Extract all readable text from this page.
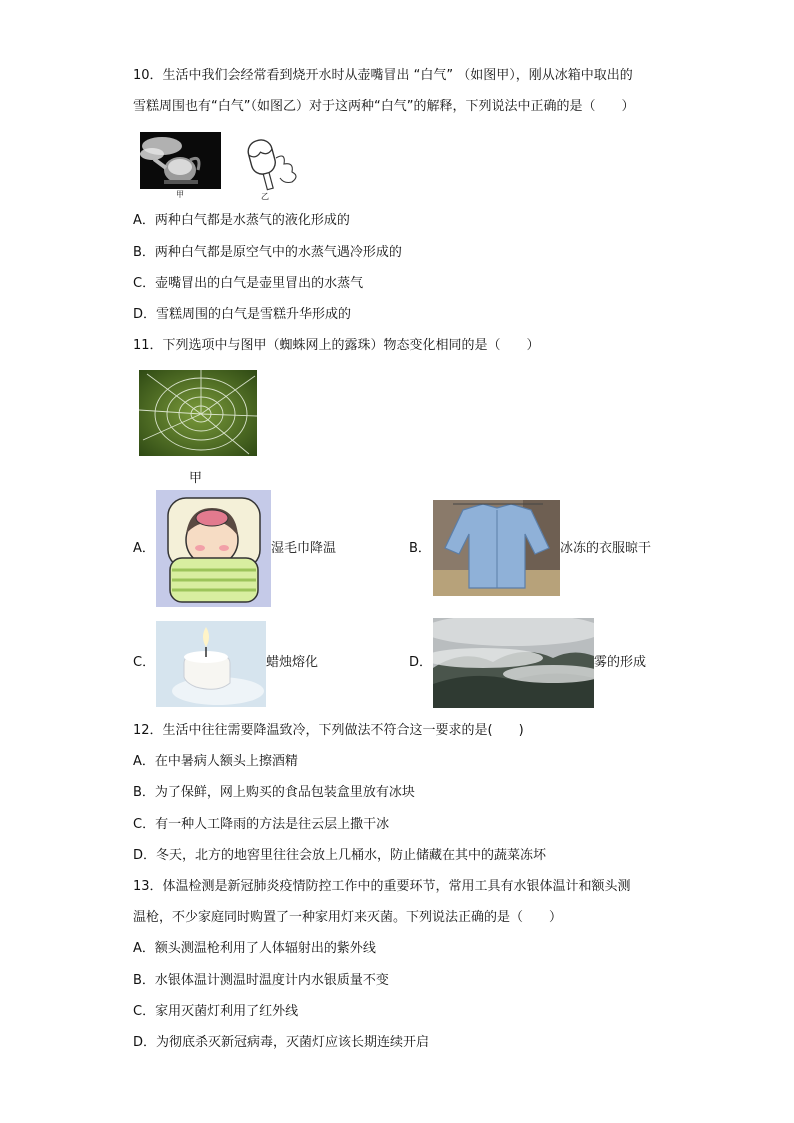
10．生活中我们会经常看到烧开水时从壶嘴冒出 “白气” （如图甲），刚从冰箱中取出的
雪糕周围也有“白气”（如图乙）对于这两种“白气”的解释，下列说法中正确的是（　　）
甲	乙
A．两种白气都是水蒸气的液化形成的
B．两种白气都是原空气中的水蒸气遇冷形成的
C．壶嘴冒出的白气是壶里冒出的水蒸气
D．雪糕周围的白气是雪糕升华形成的
11．下列选项中与图甲（蜘蛛网上的露珠）物态变化相同的是（　　）
甲
A．	湿毛巾降温	B．	冰冻的衣服晾干
C．	蜡烛熔化	D．	雾的形成
12．生活中往往需要降温致冷，下列做法不符合这一要求的是(　　)
A．在中暑病人额头上擦酒精
B．为了保鲜，网上购买的食品包装盒里放有冰块
C．有一种人工降雨的方法是往云层上撒干冰
D．冬天，北方的地窖里往往会放上几桶水，防止储藏在其中的蔬菜冻坏
13．体温检测是新冠肺炎疫情防控工作中的重要环节，常用工具有水银体温计和额头测
温枪，不少家庭同时购置了一种家用灯来灭菌。下列说法正确的是（　　）
A．额头测温枪利用了人体辐射出的紫外线
B．水银体温计测温时温度计内水银质量不变
C．家用灭菌灯利用了红外线
D．为彻底杀灭新冠病毒，灭菌灯应该长期连续开启
